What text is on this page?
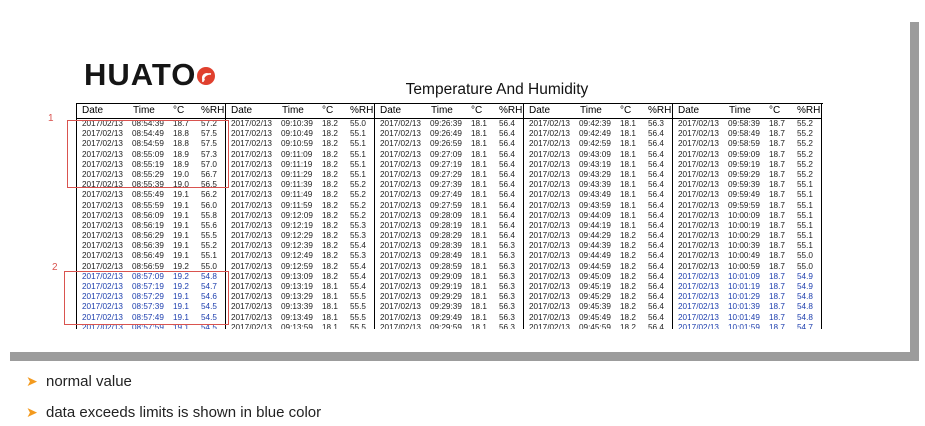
HUATO	Temperature And Humidity
Date	Time °C %RH
2017/02/13 08:54:39 18.7 57.2
2017/02/13 08:54:49 18.8 57.5
2017/02/13 08:54:59 18.8 57.5
2017/02/13 08:55:09 18.9 57.3
2017/02/13 08:55:19 18.9 57.0
2017/02/13 08:55:29 19.0 56.7
2017/02/13 08:55:39 19.0 56.5
2017/02/13 08:55:49 19.1 56.2
2017/02/13 08:55:59 19.1 56.0
2017/02/13 08:56:09 19.1 55.8
2017/02/13 08:56:19 19.1 55.6
2017/02/13 08:56:29 19.1 55.5
2017/02/13 08:56:39 19.1 55.2
2017/02/13 08:56:49 19.1 55.1
2017/02/13 08:56:59 19.2 55.0
2017/02/13 08:57:09 19.2 54.8
2017/02/13 08:57:19 19.2 54.7
2017/02/13 08:57:29 19.1 54.6
2017/02/13 08:57:39 19.1 54.5
2017/02/13 08:57:49 19.1 54.5
2017/02/13 08:57:59 19.1 54.5
Date	Time °C %RH
2017/02/13 09:10:39 18.2 55.0
2017/02/13 09:10:49 18.2 55.1
2017/02/13 09:10:59 18.2 55.1
2017/02/13 09:11:09 18.2 55.1
2017/02/13 09:11:19 18.2 55.1
2017/02/13 09:11:29 18.2 55.1
2017/02/13 09:11:39 18.2 55.2
2017/02/13 09:11:49 18.2 55.2
2017/02/13 09:11:59 18.2 55.2
2017/02/13 09:12:09 18.2 55.2
2017/02/13 09:12:19 18.2 55.3
2017/02/13 09:12:29 18.2 55.3
2017/02/13 09:12:39 18.2 55.4
2017/02/13 09:12:49 18.2 55.3
2017/02/13 09:12:59 18.2 55.4
2017/02/13 09:13:09 18.2 55.4
2017/02/13 09:13:19 18.1 55.4
2017/02/13 09:13:29 18.1 55.5
2017/02/13 09:13:39 18.1 55.5
2017/02/13 09:13:49 18.1 55.5
2017/02/13 09:13:59 18.1 55.5
Date	Time °C %RH
2017/02/13 09:26:39 18.1 56.4
2017/02/13 09:26:49 18.1 56.4
2017/02/13 09:26:59 18.1 56.4
2017/02/13 09:27:09 18.1 56.4
2017/02/13 09:27:19 18.1 56.4
2017/02/13 09:27:29 18.1 56.4
2017/02/13 09:27:39 18.1 56.4
2017/02/13 09:27:49 18.1 56.4
2017/02/13 09:27:59 18.1 56.4
2017/02/13 09:28:09 18.1 56.4
2017/02/13 09:28:19 18.1 56.4
2017/02/13 09:28:29 18.1 56.4
2017/02/13 09:28:39 18.1 56.3
2017/02/13 09:28:49 18.1 56.3
2017/02/13 09:28:59 18.1 56.3
2017/02/13 09:29:09 18.1 56.3
2017/02/13 09:29:19 18.1 56.3
2017/02/13 09:29:29 18.1 56.3
2017/02/13 09:29:39 18.1 56.3
2017/02/13 09:29:49 18.1 56.3
2017/02/13 09:29:59 18.1 56.3
Date	Time °C %RH
2017/02/13 09:42:39 18.1 56.3
2017/02/13 09:42:49 18.1 56.4
2017/02/13 09:42:59 18.1 56.4
2017/02/13 09:43:09 18.1 56.4
2017/02/13 09:43:19 18.1 56.4
2017/02/13 09:43:29 18.1 56.4
2017/02/13 09:43:39 18.1 56.4
2017/02/13 09:43:49 18.1 56.4
2017/02/13 09:43:59 18.1 56.4
2017/02/13 09:44:09 18.1 56.4
2017/02/13 09:44:19 18.1 56.4
2017/02/13 09:44:29 18.2 56.4
2017/02/13 09:44:39 18.2 56.4
2017/02/13 09:44:49 18.2 56.4
2017/02/13 09:44:59 18.2 56.4
2017/02/13 09:45:09 18.2 56.4
2017/02/13 09:45:19 18.2 56.4
2017/02/13 09:45:29 18.2 56.4
2017/02/13 09:45:39 18.2 56.4
2017/02/13 09:45:49 18.2 56.4
2017/02/13 09:45:59 18.2 56.4
Date	Time °C %RH
2017/02/13 09:58:39 18.7 55.2
2017/02/13 09:58:49 18.7 55.2
2017/02/13 09:58:59 18.7 55.2
2017/02/13 09:59:09 18.7 55.2
2017/02/13 09:59:19 18.7 55.2
2017/02/13 09:59:29 18.7 55.2
2017/02/13 09:59:39 18.7 55.1
2017/02/13 09:59:49 18.7 55.1
2017/02/13 09:59:59 18.7 55.1
2017/02/13 10:00:09 18.7 55.1
2017/02/13 10:00:19 18.7 55.1
2017/02/13 10:00:29 18.7 55.1
2017/02/13 10:00:39 18.7 55.1
2017/02/13 10:00:49 18.7 55.0
2017/02/13 10:00:59 18.7 55.0
2017/02/13 10:01:09 18.7 54.9
2017/02/13 10:01:19 18.7 54.9
2017/02/13 10:01:29 18.7 54.8
2017/02/13 10:01:39 18.7 54.8
2017/02/13 10:01:49 18.7 54.8
2017/02/13 10:01:59 18.7 54.7
1
2
➤ normal value
➤ data exceeds limits is shown in blue color
